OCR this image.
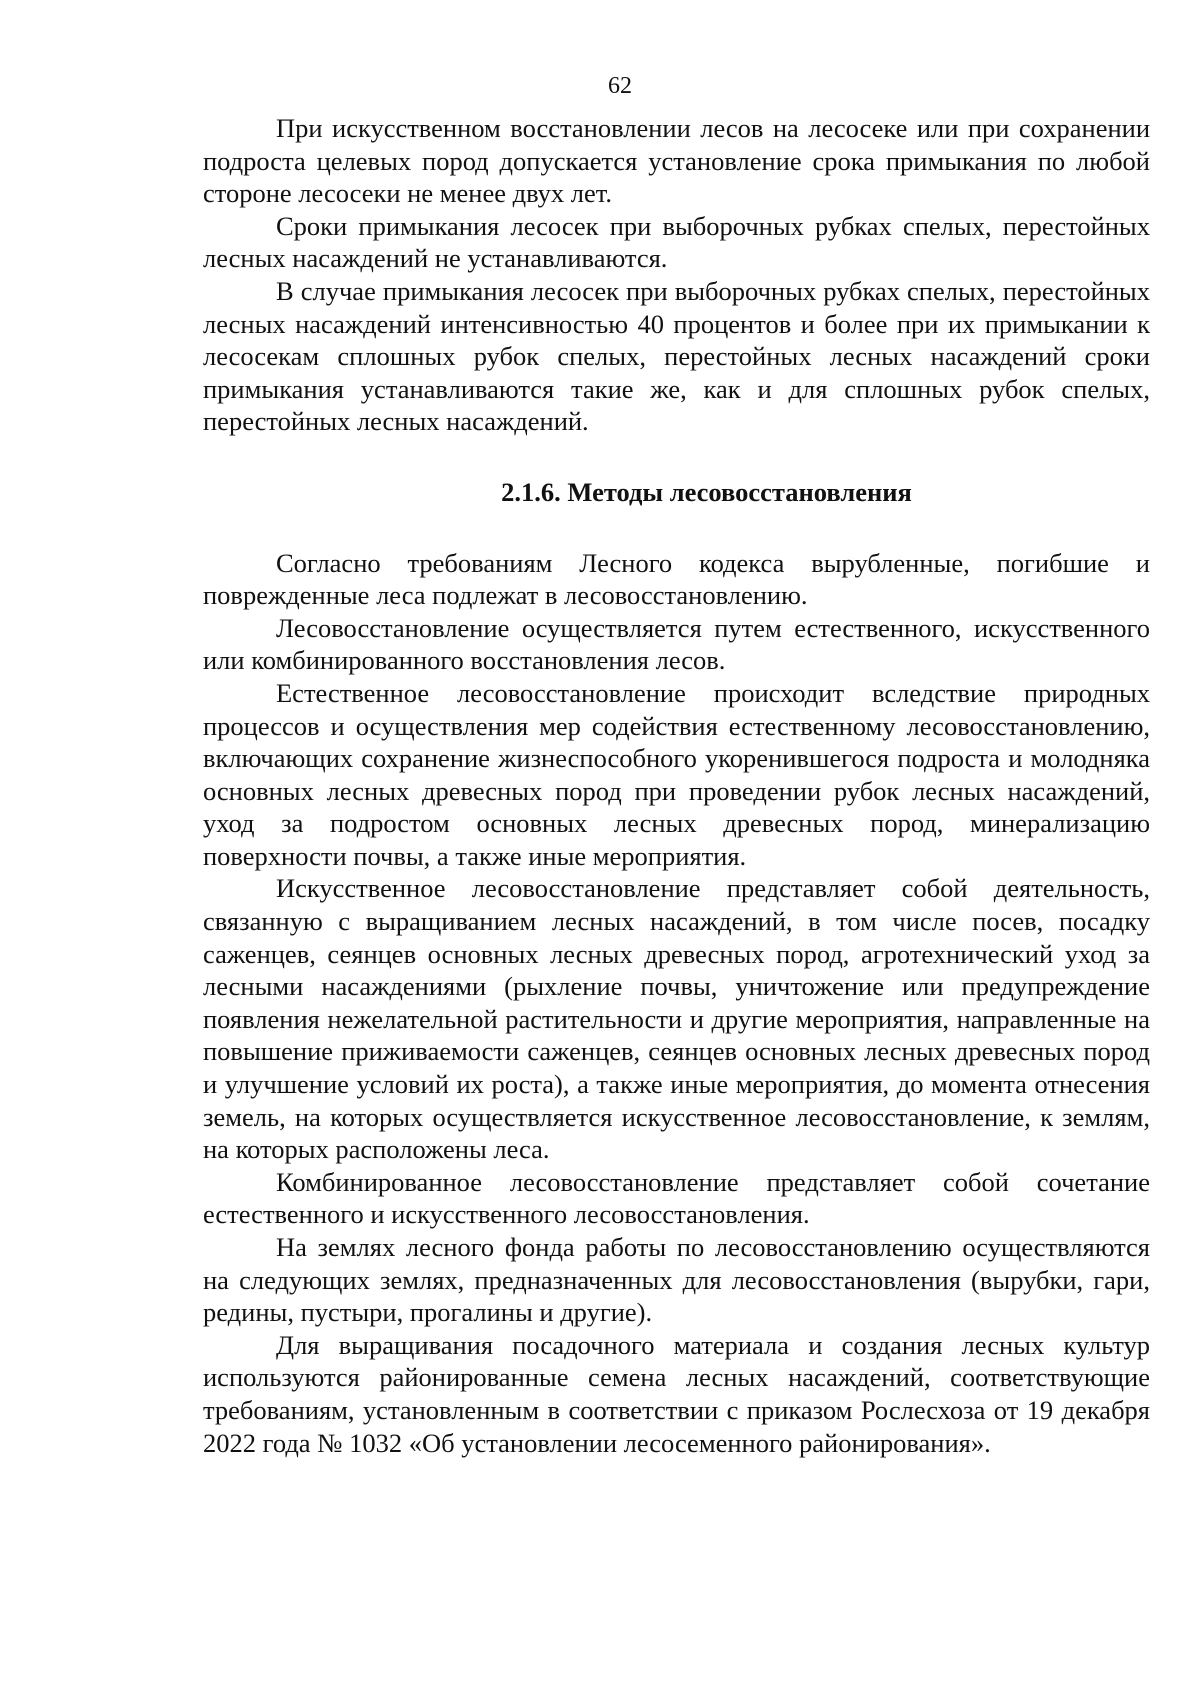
62

При искусственном восстановлении лесов на лесосеке или при сохранении подроста целевых пород допускается установление срока примыкания по любой стороне лесосеки не менее двух лет.

Сроки примыкания лесосек при выборочных рубках спелых, перестойных лесных насаждений не устанавливаются.

В случае примыкания лесосек при выборочных рубках спелых, перестойных лесных насаждений интенсивностью 40 процентов и более при их примыкании к лесосекам сплошных рубок спелых, перестойных лесных насаждений сроки примыкания устанавливаются такие же, как и для сплошных рубок спелых, перестойных лесных насаждений.

2.1.6. Методы лесовосстановления

Согласно требованиям Лесного кодекса вырубленные, погибшие и поврежденные леса подлежат в лесовосстановлению.

Лесовосстановление осуществляется путем естественного, искусственного или комбинированного восстановления лесов.

Естественное лесовосстановление происходит вследствие природных процессов и осуществления мер содействия естественному лесовосстановлению, включающих сохранение жизнеспособного укоренившегося подроста и молодняка основных лесных древесных пород при проведении рубок лесных насаждений, уход за подростом основных лесных древесных пород, минерализацию поверхности почвы, а также иные мероприятия.

Искусственное лесовосстановление представляет собой деятельность, связанную с выращиванием лесных насаждений, в том числе посев, посадку саженцев, сеянцев основных лесных древесных пород, агротехнический уход за лесными насаждениями (рыхление почвы, уничтожение или предупреждение появления нежелательной растительности и другие мероприятия, направленные на повышение приживаемости саженцев, сеянцев основных лесных древесных пород и улучшение условий их роста), а также иные мероприятия, до момента отнесения земель, на которых осуществляется искусственное лесовосстановление, к землям, на которых расположены леса.

Комбинированное лесовосстановление представляет собой сочетание естественного и искусственного лесовосстановления.

На землях лесного фонда работы по лесовосстановлению осуществляются на следующих землях, предназначенных для лесовосстановления (вырубки, гари, редины, пустыри, прогалины и другие).

Для выращивания посадочного материала и создания лесных культур используются районированные семена лесных насаждений, соответствующие требованиям, установленным в соответствии с приказом Рослесхоза от 19 декабря 2022 года № 1032 «Об установлении лесосеменного районирования».
